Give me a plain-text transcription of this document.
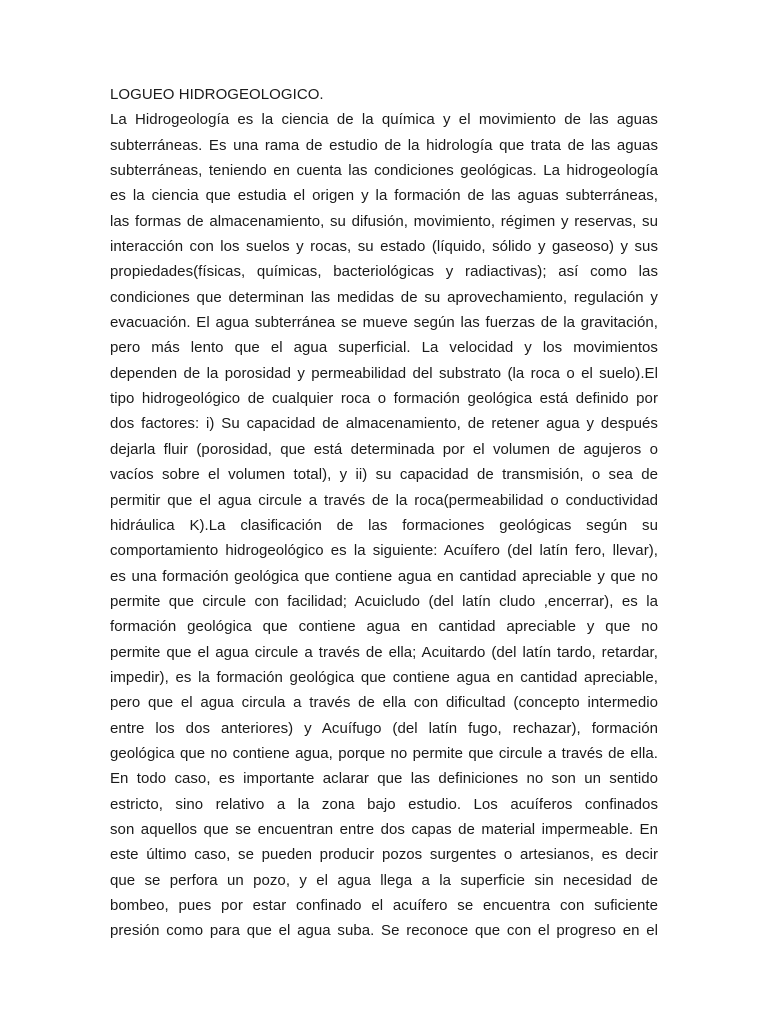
LOGUEO HIDROGEOLOGICO.
La Hidrogeología es la ciencia de la química y el movimiento de las aguas
subterráneas. Es una rama de estudio de la hidrología que trata de las aguas
subterráneas, teniendo en cuenta las condiciones geológicas. La hidrogeología
es la ciencia que estudia el origen y la formación de las aguas subterráneas,
las formas de almacenamiento, su difusión, movimiento, régimen y reservas, su
interacción con los suelos y rocas, su estado (líquido, sólido y gaseoso) y sus
propiedades(físicas, químicas, bacteriológicas y radiactivas); así como las
condiciones que determinan las medidas de su aprovechamiento, regulación y
evacuación. El agua subterránea se mueve según las fuerzas de la gravitación,
pero más lento que el agua superficial. La velocidad y los movimientos
dependen de la porosidad y permeabilidad del substrato (la roca o el suelo).El
tipo hidrogeológico de cualquier roca o formación geológica está definido por
dos factores: i) Su capacidad de almacenamiento, de retener agua y después
dejarla fluir (porosidad, que está determinada por el volumen de agujeros o
vacíos sobre el volumen total), y ii) su capacidad de transmisión, o sea de
permitir que el agua circule a través de la roca(permeabilidad o conductividad
hidráulica K).La clasificación de las formaciones geológicas según su
comportamiento hidrogeológico es la siguiente: Acuífero (del latín fero, llevar),
es una formación geológica que contiene agua en cantidad apreciable y que no
permite que circule con facilidad; Acuicludo (del latín cludo ,encerrar), es la
formación geológica que contiene agua en cantidad apreciable y que no
permite que el agua circule a través de ella; Acuitardo (del latín tardo, retardar,
impedir), es la formación geológica que contiene agua en cantidad apreciable,
pero que el agua circula a través de ella con dificultad (concepto intermedio
entre los dos anteriores) y Acuífugo (del latín fugo, rechazar), formación
geológica que no contiene agua, porque no permite que circule a través de ella.
En todo caso, es importante aclarar que las definiciones no son un sentido
estricto, sino relativo a la zona bajo estudio. Los acuíferos confinados
son aquellos que se encuentran entre dos capas de material impermeable. En
este último caso, se pueden producir pozos surgentes o artesianos, es decir
que se perfora un pozo, y el agua llega a la superficie sin necesidad de
bombeo, pues por estar confinado el acuífero se encuentra con suficiente
presión como para que el agua suba. Se reconoce que con el progreso en el
